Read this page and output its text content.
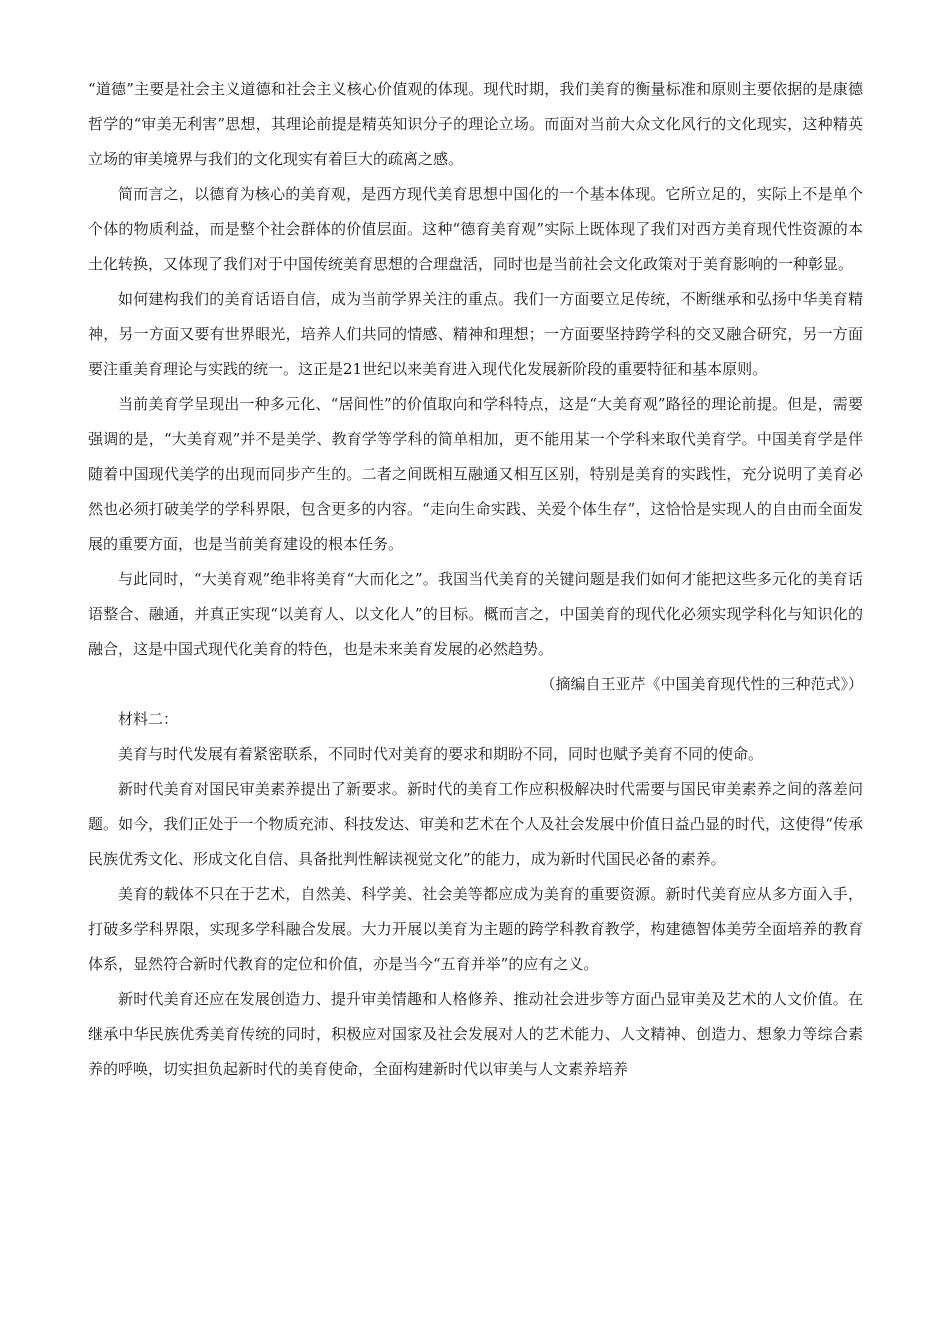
“道德”主要是社会主义道德和社会主义核心价值观的体现。现代时期，我们美育的衡量标准和原则主要依据的是康德哲学的“审美无利害”思想，其理论前提是精英知识分子的理论立场。而面对当前大众文化风行的文化现实，这种精英立场的审美境界与我们的文化现实有着巨大的疏离之感。

简而言之，以德育为核心的美育观，是西方现代美育思想中国化的一个基本体现。它所立足的，实际上不是单个个体的物质利益，而是整个社会群体的价值层面。这种“德育美育观”实际上既体现了我们对西方美育现代性资源的本土化转换，又体现了我们对于中国传统美育思想的合理盘活，同时也是当前社会文化政策对于美育影响的一种彰显。

如何建构我们的美育话语自信，成为当前学界关注的重点。我们一方面要立足传统，不断继承和弘扬中华美育精神，另一方面又要有世界眼光，培养人们共同的情感、精神和理想；一方面要坚持跨学科的交叉融合研究，另一方面要注重美育理论与实践的统一。这正是21世纪以来美育进入现代化发展新阶段的重要特征和基本原则。

当前美育学呈现出一种多元化、“居间性”的价值取向和学科特点，这是“大美育观”路径的理论前提。但是，需要强调的是，“大美育观”并不是美学、教育学等学科的简单相加，更不能用某一个学科来取代美育学。中国美育学是伴随着中国现代美学的出现而同步产生的。二者之间既相互融通又相互区别，特别是美育的实践性，充分说明了美育必然也必须打破美学的学科界限，包含更多的内容。“走向生命实践、关爱个体生存”，这恰恰是实现人的自由而全面发展的重要方面，也是当前美育建设的根本任务。

与此同时，“大美育观”绝非将美育“大而化之”。我国当代美育的关键问题是我们如何才能把这些多元化的美育话语整合、融通，并真正实现“以美育人、以文化人”的目标。概而言之，中国美育的现代化必须实现学科化与知识化的融合，这是中国式现代化美育的特色，也是未来美育发展的必然趋势。

（摘编自王亚芹《中国美育现代性的三种范式》）

材料二：

美育与时代发展有着紧密联系，不同时代对美育的要求和期盼不同，同时也赋予美育不同的使命。

新时代美育对国民审美素养提出了新要求。新时代的美育工作应积极解决时代需要与国民审美素养之间的落差问题。如今，我们正处于一个物质充沛、科技发达、审美和艺术在个人及社会发展中价值日益凸显的时代，这使得“传承民族优秀文化、形成文化自信、具备批判性解读视觉文化”的能力，成为新时代国民必备的素养。

美育的载体不只在于艺术，自然美、科学美、社会美等都应成为美育的重要资源。新时代美育应从多方面入手，打破多学科界限，实现多学科融合发展。大力开展以美育为主题的跨学科教育教学，构建德智体美劳全面培养的教育体系，显然符合新时代教育的定位和价值，亦是当今“五育并举”的应有之义。

新时代美育还应在发展创造力、提升审美情趣和人格修养、推动社会进步等方面凸显审美及艺术的人文价值。在继承中华民族优秀美育传统的同时，积极应对国家及社会发展对人的艺术能力、人文精神、创造力、想象力等综合素养的呼唤，切实担负起新时代的美育使命，全面构建新时代以审美与人文素养培养
